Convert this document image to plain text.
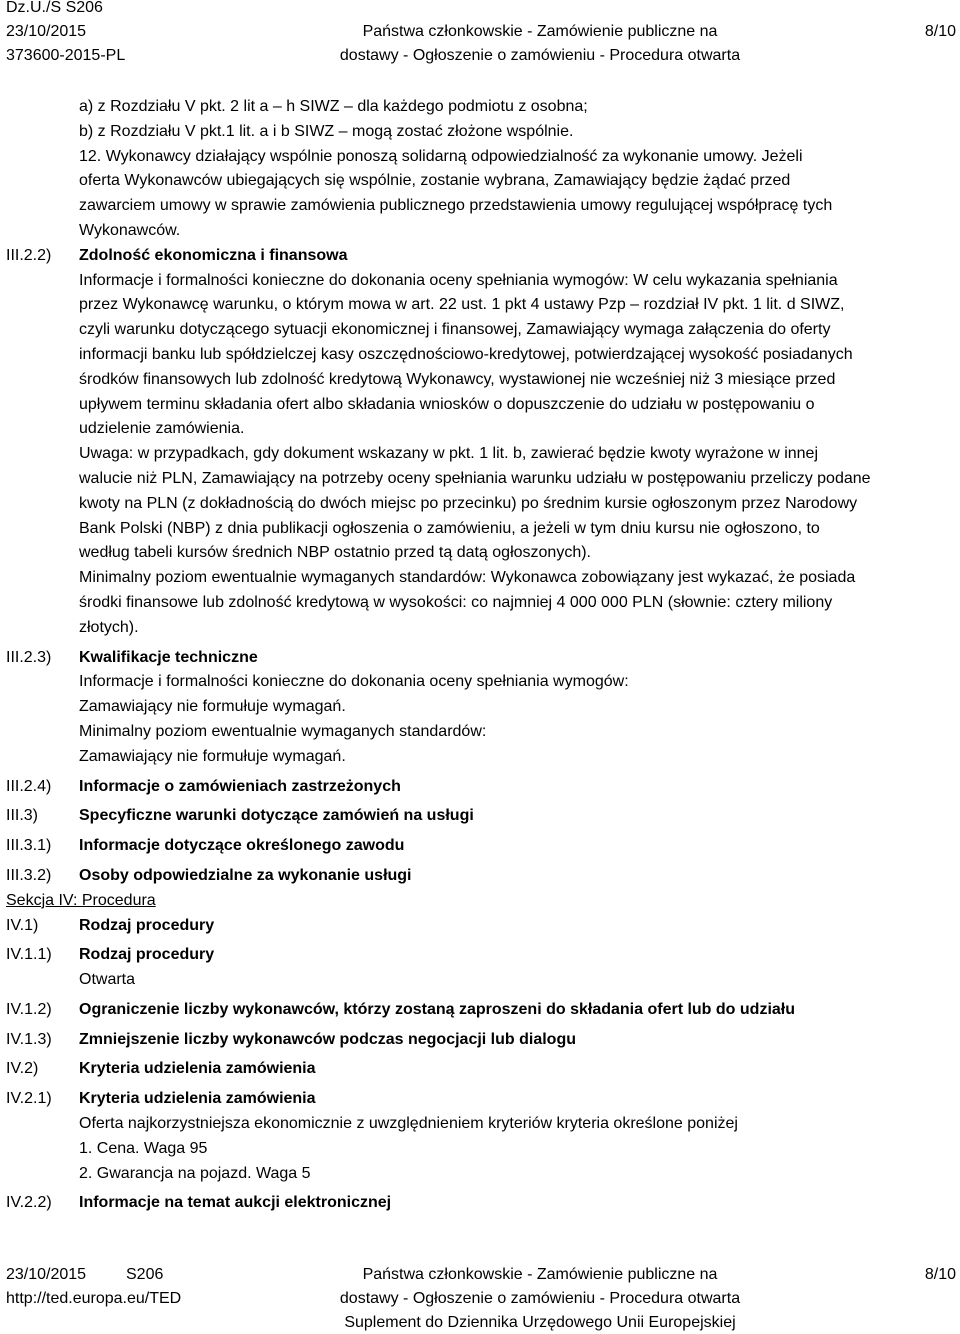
Dz.U./S S206
23/10/2015
373600-2015-PL
Państwa członkowskie - Zamówienie publiczne na
dostawy - Ogłoszenie o zamówieniu - Procedura otwarta
8/10
a) z Rozdziału V pkt. 2 lit a – h SIWZ – dla każdego podmiotu z osobna;
b) z Rozdziału V pkt.1 lit. a i b SIWZ – mogą zostać złożone wspólnie.
12. Wykonawcy działający wspólnie ponoszą solidarną odpowiedzialność za wykonanie umowy. Jeżeli
oferta Wykonawców ubiegających się wspólnie, zostanie wybrana, Zamawiający będzie żądać przed
zawarciem umowy w sprawie zamówienia publicznego przedstawienia umowy regulującej współpracę tych
Wykonawców.
III.2.2) Zdolność ekonomiczna i finansowa
Informacje i formalności konieczne do dokonania oceny spełniania wymogów: W celu wykazania spełniania
przez Wykonawcę warunku, o którym mowa w art. 22 ust. 1 pkt 4 ustawy Pzp – rozdział IV pkt. 1 lit. d SIWZ,
czyli warunku dotyczącego sytuacji ekonomicznej i finansowej, Zamawiający wymaga załączenia do oferty
informacji banku lub spółdzielczej kasy oszczędnościowo-kredytowej, potwierdzającej wysokość posiadanych
środków finansowych lub zdolność kredytową Wykonawcy, wystawionej nie wcześniej niż 3 miesiące przed
upływem terminu składania ofert albo składania wniosków o dopuszczenie do udziału w postępowaniu o
udzielenie zamówienia.
Uwaga: w przypadkach, gdy dokument wskazany w pkt. 1 lit. b, zawierać będzie kwoty wyrażone w innej
walucie niż PLN, Zamawiający na potrzeby oceny spełniania warunku udziału w postępowaniu przeliczy podane
kwoty na PLN (z dokładnością do dwóch miejsc po przecinku) po średnim kursie ogłoszonym przez Narodowy
Bank Polski (NBP) z dnia publikacji ogłoszenia o zamówieniu, a jeżeli w tym dniu kursu nie ogłoszono, to
według tabeli kursów średnich NBP ostatnio przed tą datą ogłoszonych).
Minimalny poziom ewentualnie wymaganych standardów: Wykonawca zobowiązany jest wykazać, że posiada
środki finansowe lub zdolność kredytową w wysokości: co najmniej 4 000 000 PLN (słownie: cztery miliony
złotych).
III.2.3) Kwalifikacje techniczne
Informacje i formalności konieczne do dokonania oceny spełniania wymogów:
Zamawiający nie formułuje wymagań.
Minimalny poziom ewentualnie wymaganych standardów:
Zamawiający nie formułuje wymagań.
III.2.4) Informacje o zamówieniach zastrzeżonych
III.3)	Specyficzne warunki dotyczące zamówień na usługi
III.3.1) Informacje dotyczące określonego zawodu
III.3.2) Osoby odpowiedzialne za wykonanie usługi
Sekcja IV: Procedura
IV.1)	Rodzaj procedury
IV.1.1) Rodzaj procedury
Otwarta
IV.1.2) Ograniczenie liczby wykonawców, którzy zostaną zaproszeni do składania ofert lub do udziału
IV.1.3) Zmniejszenie liczby wykonawców podczas negocjacji lub dialogu
IV.2)	Kryteria udzielenia zamówienia
IV.2.1) Kryteria udzielenia zamówienia
Oferta najkorzystniejsza ekonomicznie z uwzględnieniem kryteriów kryteria określone poniżej
1. Cena. Waga 95
2. Gwarancja na pojazd. Waga 5
IV.2.2) Informacje na temat aukcji elektronicznej
23/10/2015 S206
http://ted.europa.eu/TED
Państwa członkowskie - Zamówienie publiczne na
dostawy - Ogłoszenie o zamówieniu - Procedura otwarta
Suplement do Dziennika Urzędowego Unii Europejskiej
8/10
